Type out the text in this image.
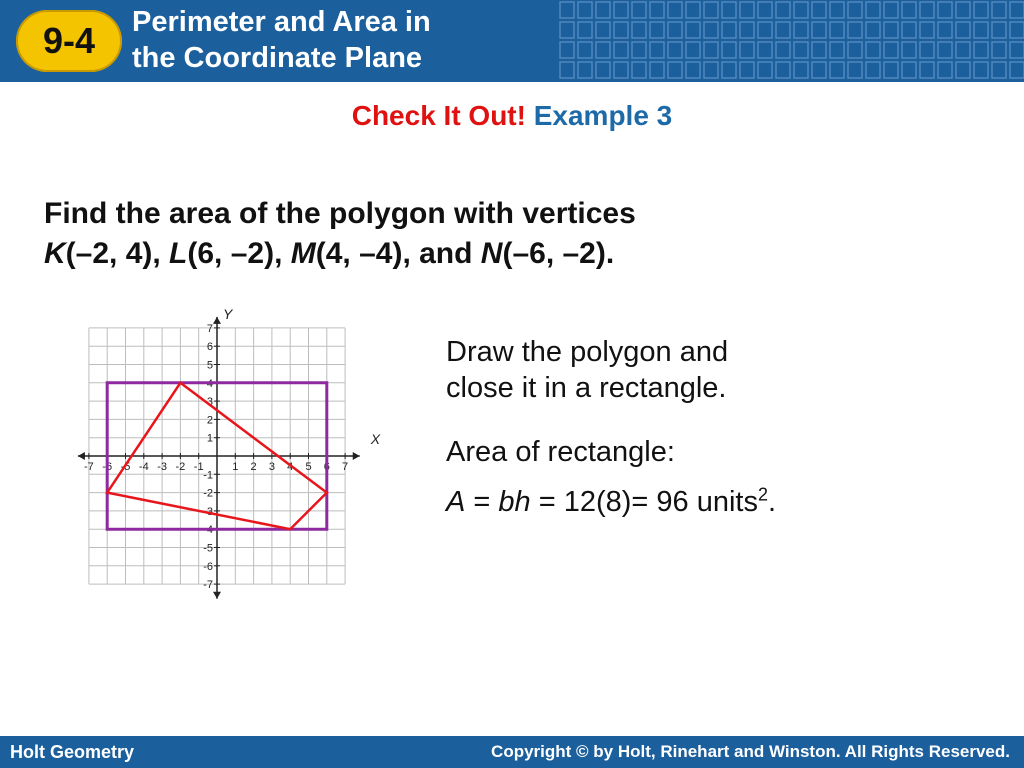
9-4	Perimeter and Area in
the Coordinate Plane
Check It Out! Example 3
Find the area of the polygon with vertices
K(–2, 4), L(6, –2), M(4, –4), and N(–6, –2).
-7 -6 -5 -4 -3 -2 -1	1 2 3 4 5 6 7
7
6
5
4
3
2
1
-1
-2
-3
-4
-5
-6
-7
X
Y

Draw the polygon and

close it in a rectangle.

Area of rectangle:

A = bh = 12(8)= 96 units$^2$.

Holt Geometry	Copyright © by Holt, Rinehart and Winston. All Rights Reserved.
